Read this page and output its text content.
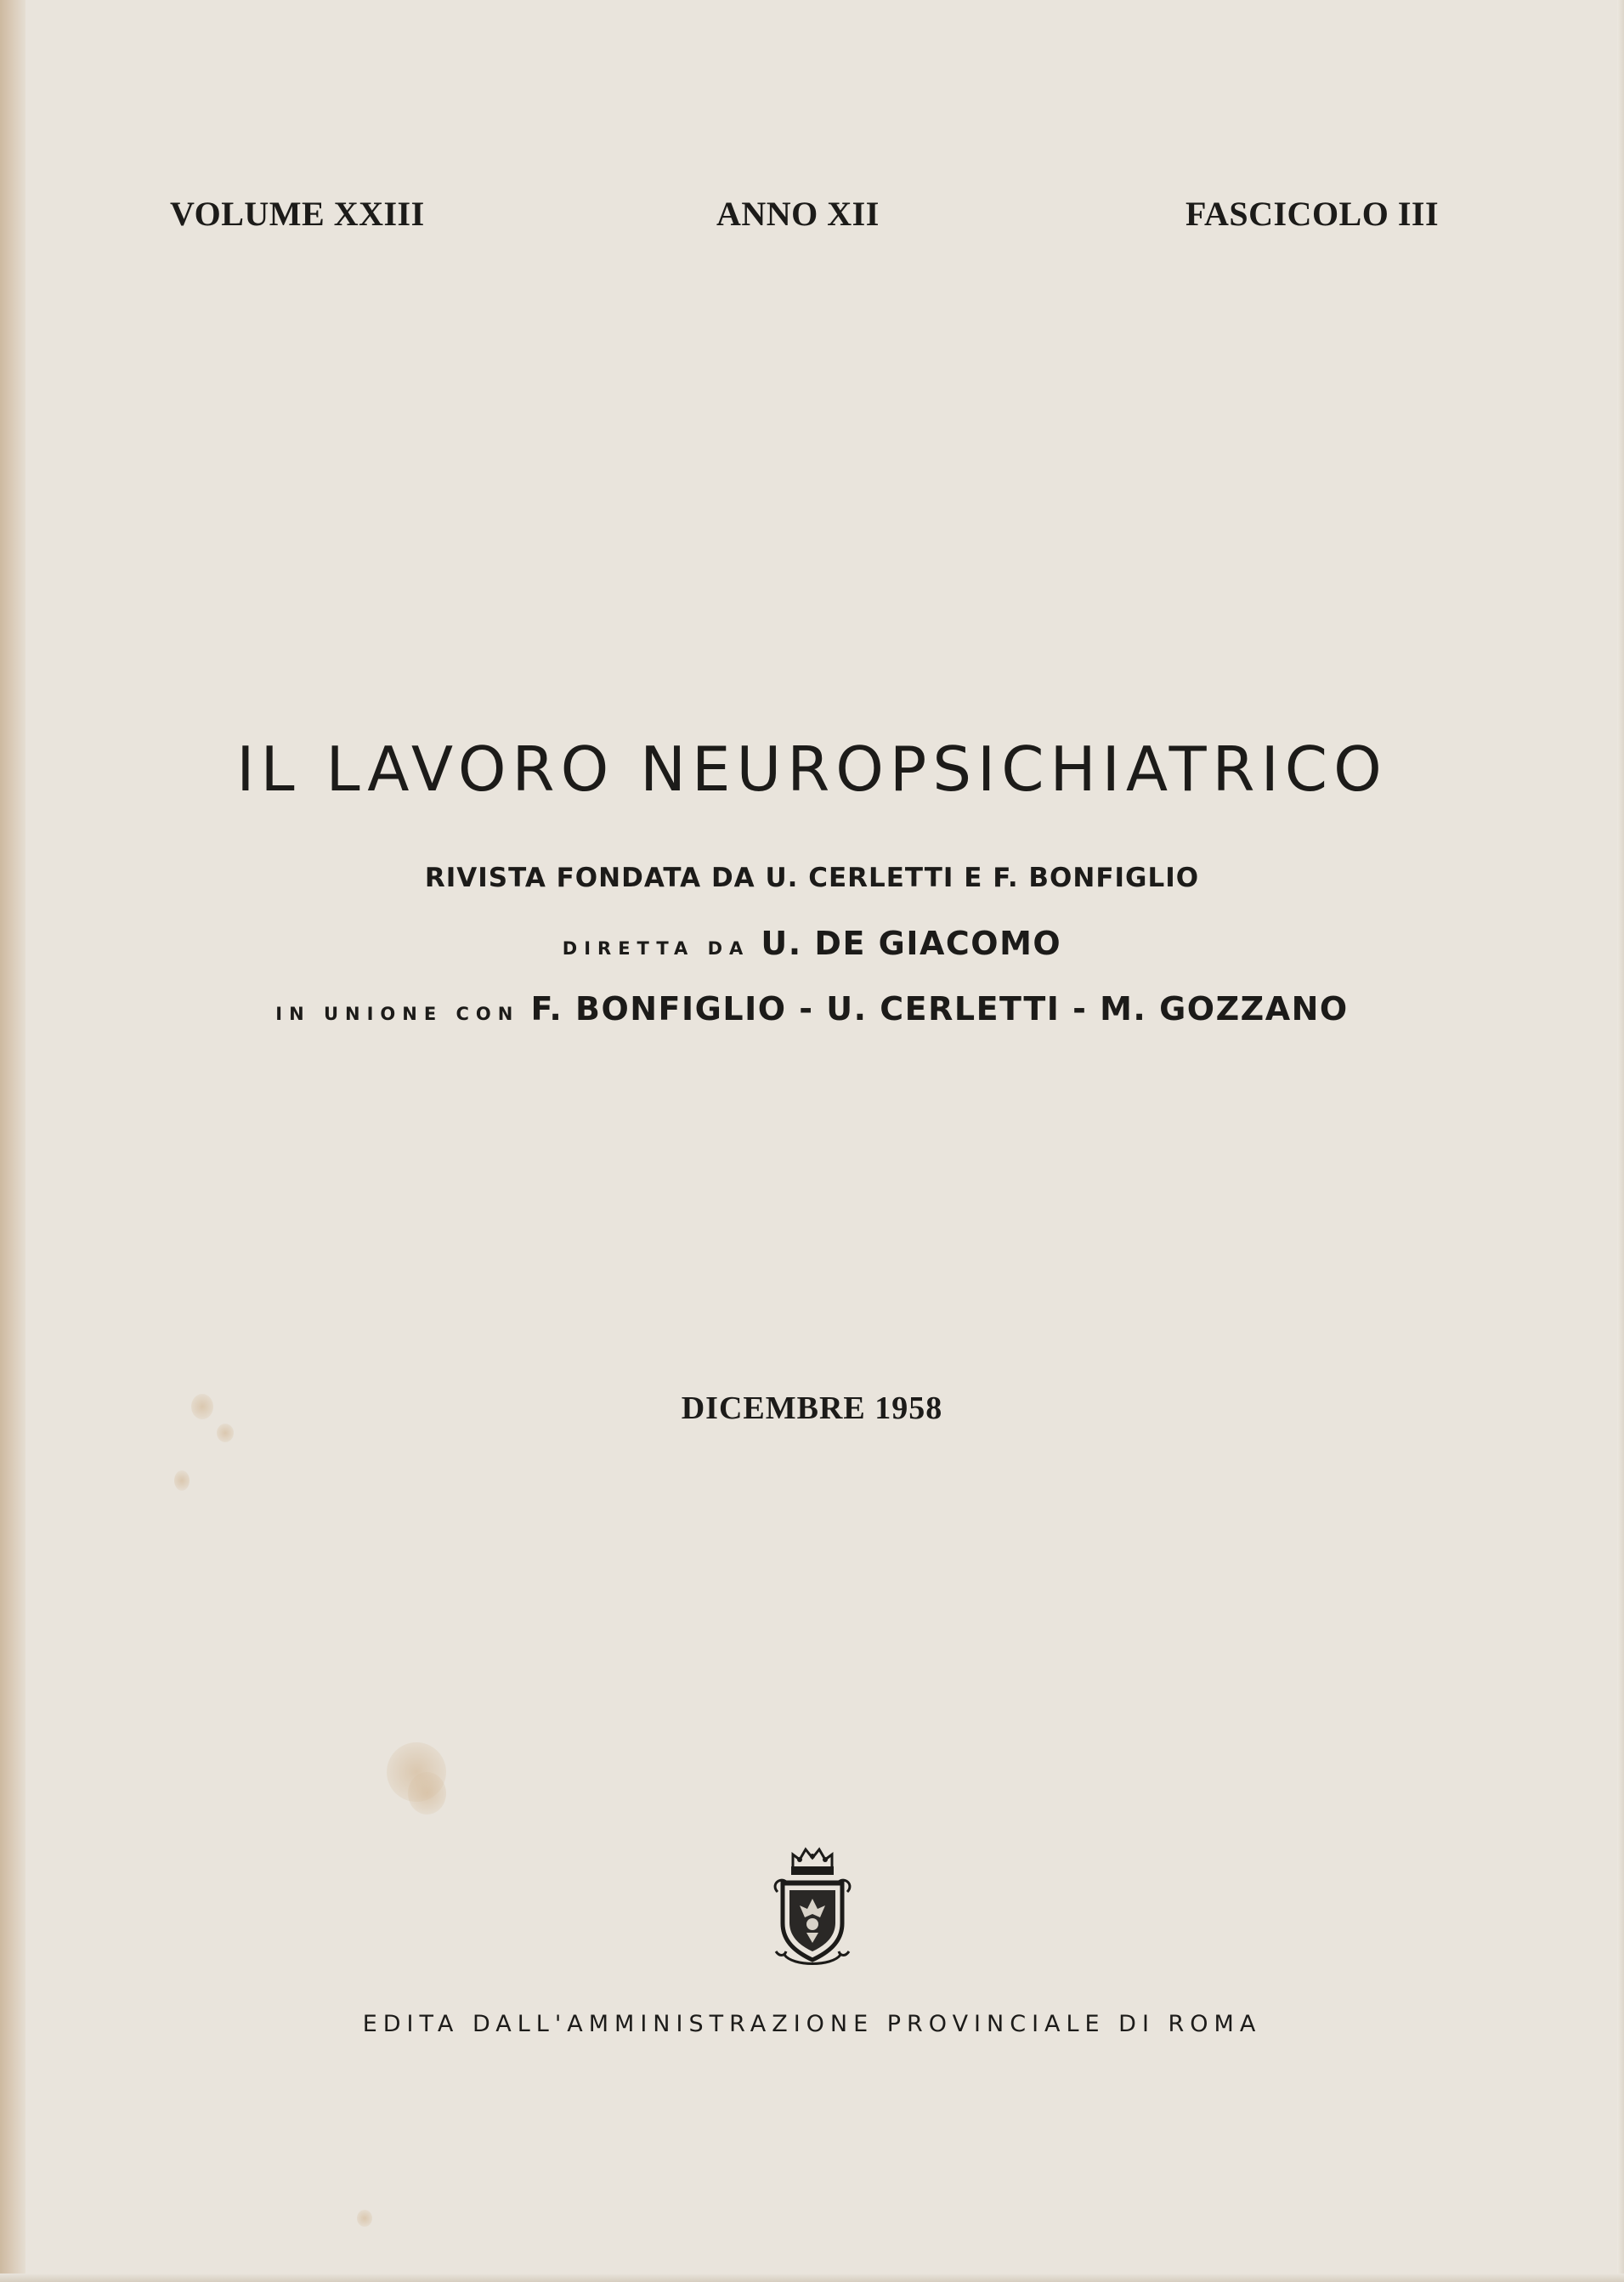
VOLUME XXIII	ANNO XII	FASCICOLO III
IL LAVORO NEUROPSICHIATRICO
RIVISTA FONDATA DA U. CERLETTI E F. BONFIGLIO
DIRETTA DA U. DE GIACOMO
IN UNIONE CON F. BONFIGLIO - U. CERLETTI - M. GOZZANO
DICEMBRE 1958
EDITA DALL'AMMINISTRAZIONE PROVINCIALE DI ROMA
